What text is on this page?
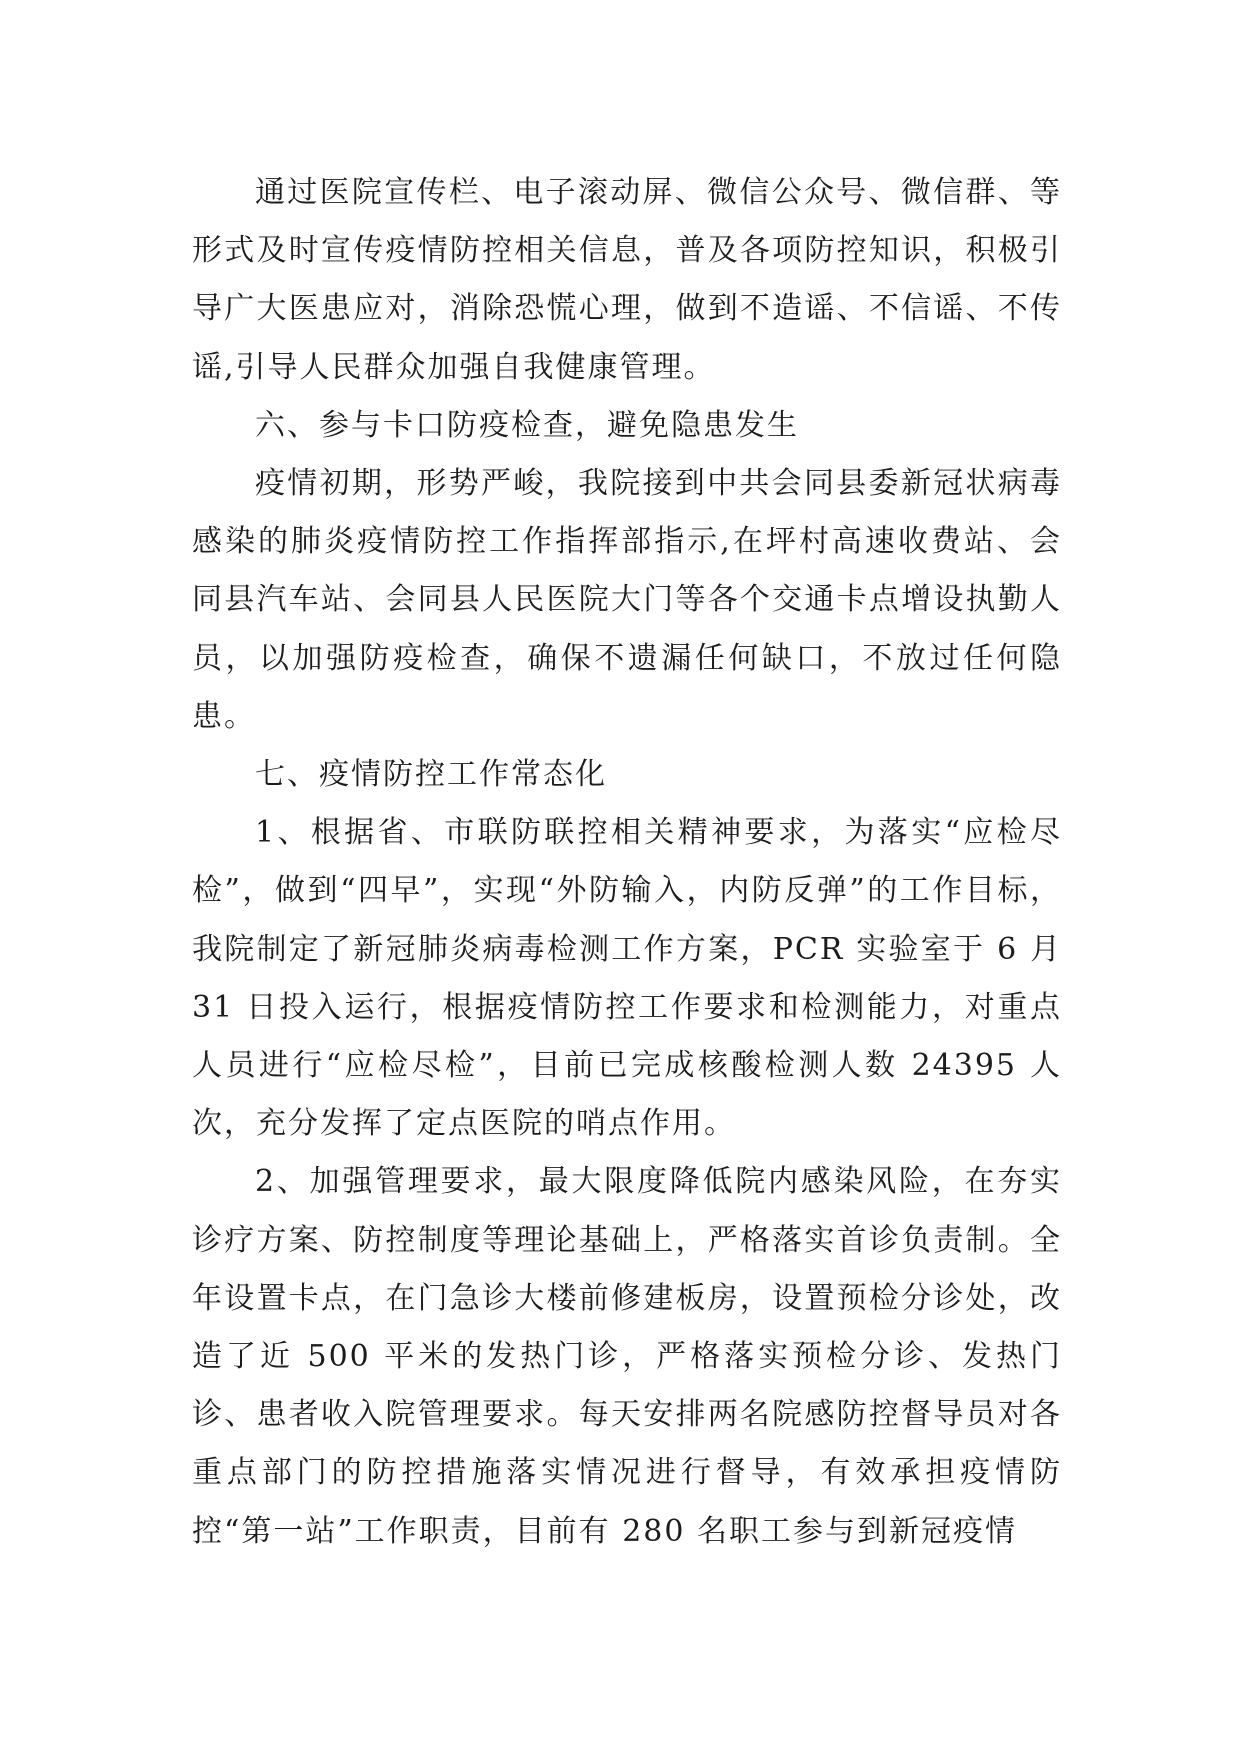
通过医院宣传栏、电子滚动屏、微信公众号、微信群、等形式及时宣传疫情防控相关信息，普及各项防控知识，积极引导广大医患应对，消除恐慌心理，做到不造谣、不信谣、不传谣,引导人民群众加强自我健康管理。

六、参与卡口防疫检查，避免隐患发生

疫情初期，形势严峻，我院接到中共会同县委新冠状病毒感染的肺炎疫情防控工作指挥部指示,在坪村高速收费站、会同县汽车站、会同县人民医院大门等各个交通卡点增设执勤人员，以加强防疫检查，确保不遗漏任何缺口，不放过任何隐患。

七、疫情防控工作常态化

1、根据省、市联防联控相关精神要求，为落实“应检尽检”，做到“四早”，实现“外防输入，内防反弹”的工作目标，我院制定了新冠肺炎病毒检测工作方案，PCR 实验室于 6 月 31 日投入运行，根据疫情防控工作要求和检测能力，对重点人员进行“应检尽检”，目前已完成核酸检测人数 24395 人次，充分发挥了定点医院的哨点作用。

2、加强管理要求，最大限度降低院内感染风险，在夯实诊疗方案、防控制度等理论基础上，严格落实首诊负责制。全年设置卡点，在门急诊大楼前修建板房，设置预检分诊处，改造了近 500 平米的发热门诊，严格落实预检分诊、发热门诊、患者收入院管理要求。每天安排两名院感防控督导员对各重点部门的防控措施落实情况进行督导，有效承担疫情防控“第一站”工作职责，目前有 280 名职工参与到新冠疫情
